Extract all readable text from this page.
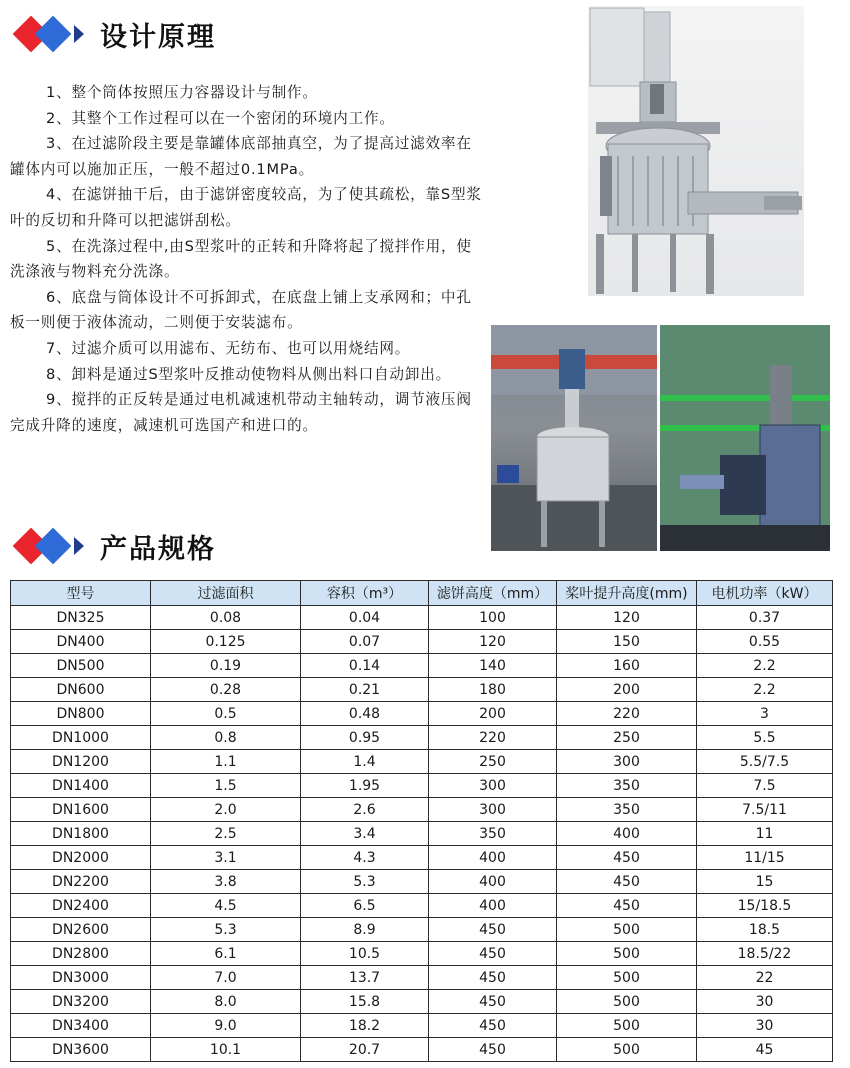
设计原理

1、整个筒体按照压力容器设计与制作。

2、其整个工作过程可以在一个密闭的环境内工作。

3、在过滤阶段主要是靠罐体底部抽真空，为了提高过滤效率在罐体内可以施加正压，一般不超过0.1MPa。

4、在滤饼抽干后，由于滤饼密度较高，为了使其疏松，靠S型浆叶的反切和升降可以把滤饼刮松。

5、在洗涤过程中,由S型浆叶的正转和升降将起了搅拌作用，使洗涤液与物料充分洗涤。

6、底盘与筒体设计不可拆卸式，在底盘上铺上支承网和；中孔板一则便于液体流动，二则便于安装滤布。

7、过滤介质可以用滤布、无纺布、也可以用烧结网。

8、卸料是通过S型浆叶反推动使物料从侧出料口自动卸出。

9、搅拌的正反转是通过电机减速机带动主轴转动，调节液压阀完成升降的速度，减速机可选国产和进口的。

产品规格
型号	过滤面积	容积（m³）	滤饼高度（mm）	桨叶提升高度(mm)	电机功率（kW）
DN325	0.08	0.04	100	120	0.37
DN400	0.125	0.07	120	150	0.55
DN500	0.19	0.14	140	160	2.2
DN600	0.28	0.21	180	200	2.2
DN800	0.5	0.48	200	220	3
DN1000	0.8	0.95	220	250	5.5
DN1200	1.1	1.4	250	300	5.5/7.5
DN1400	1.5	1.95	300	350	7.5
DN1600	2.0	2.6	300	350	7.5/11
DN1800	2.5	3.4	350	400	11
DN2000	3.1	4.3	400	450	11/15
DN2200	3.8	5.3	400	450	15
DN2400	4.5	6.5	400	450	15/18.5
DN2600	5.3	8.9	450	500	18.5
DN2800	6.1	10.5	450	500	18.5/22
DN3000	7.0	13.7	450	500	22
DN3200	8.0	15.8	450	500	30
DN3400	9.0	18.2	450	500	30
DN3600	10.1	20.7	450	500	45
